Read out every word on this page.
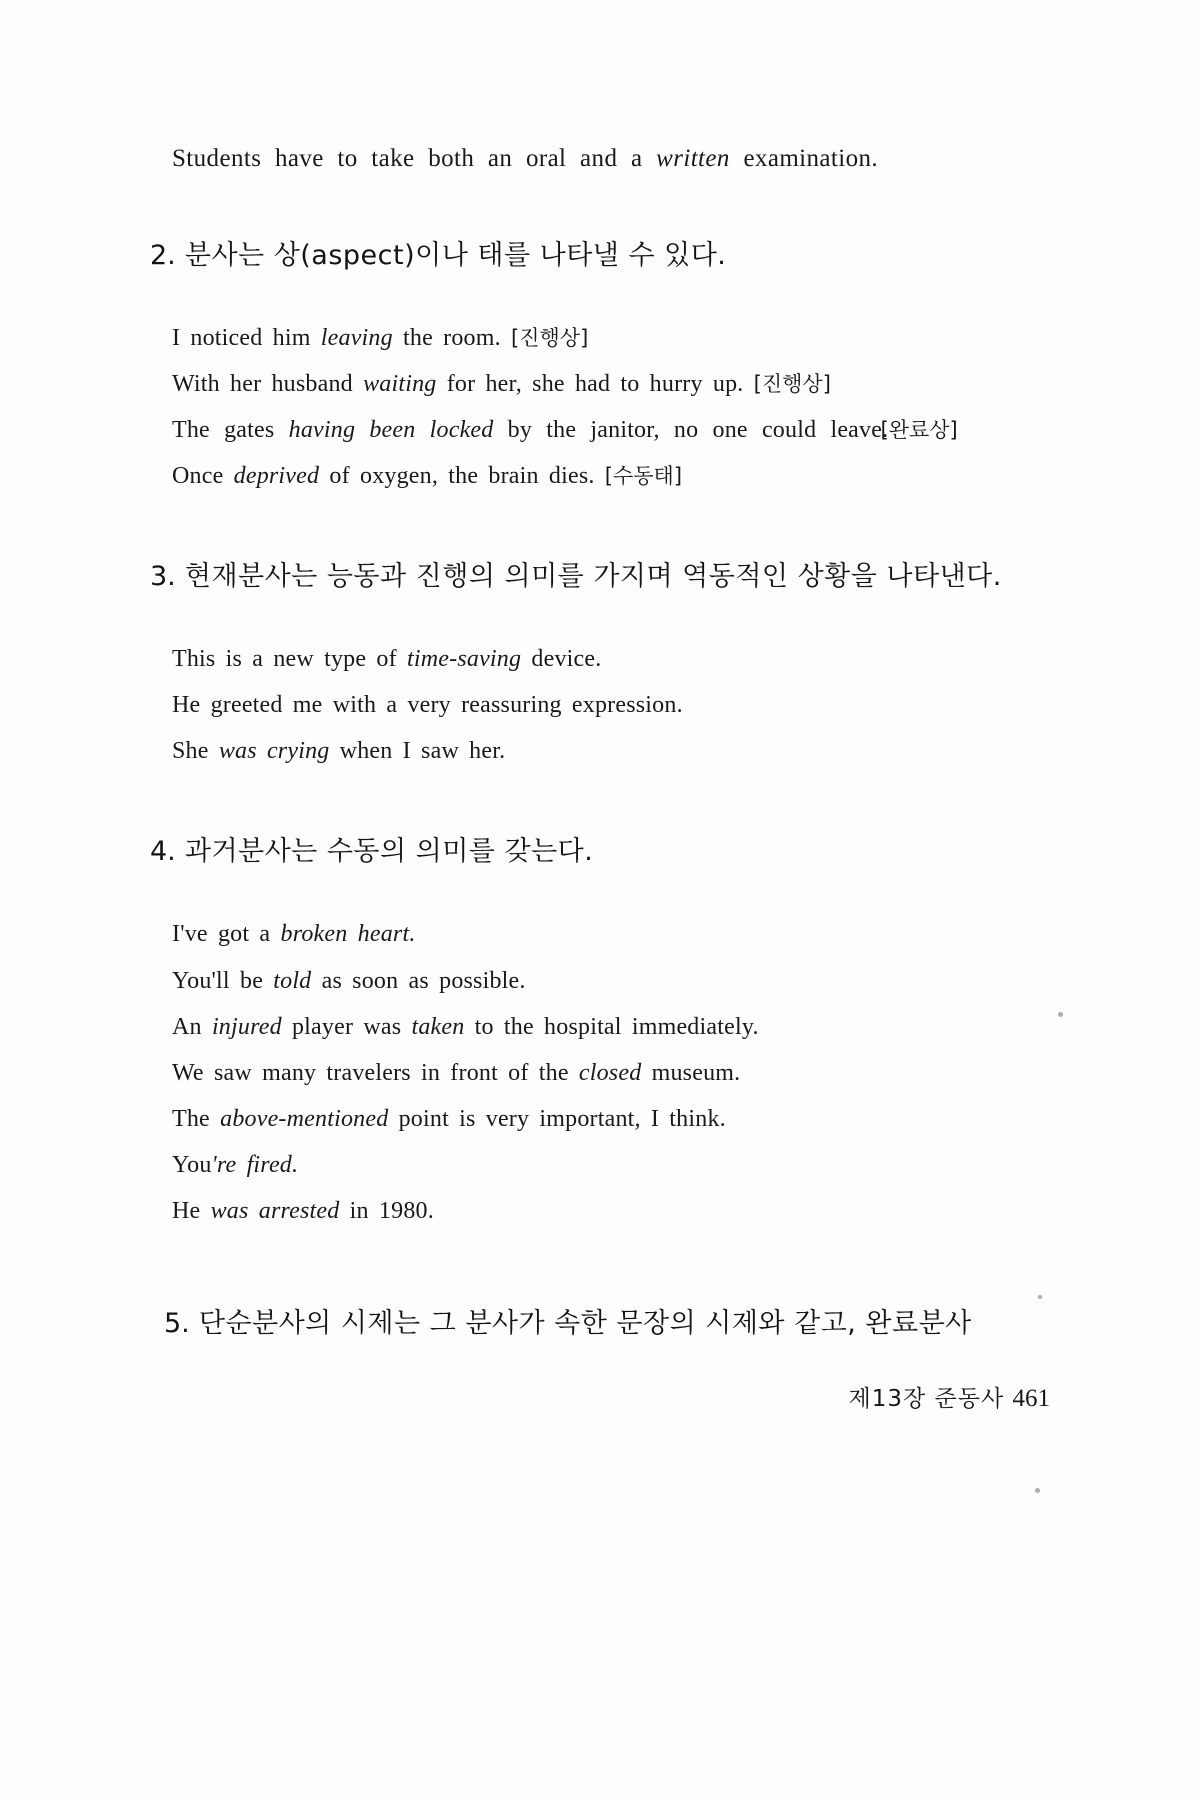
Students have to take both an oral and a written examination.

2. 분사는 상(aspect)이나 태를 나타낼 수 있다.

I noticed him leaving the room. [진행상]
With her husband waiting for her, she had to hurry up. [진행상]
The gates having been locked by the janitor, no one could leave. [완료상]
Once deprived of oxygen, the brain dies. [수동태]

3. 현재분사는 능동과 진행의 의미를 가지며 역동적인 상황을 나타낸다.

This is a new type of time-saving device.
He greeted me with a very reassuring expression.
She was crying when I saw her.

4. 과거분사는 수동의 의미를 갖는다.

I've got a broken heart.
You'll be told as soon as possible.
An injured player was taken to the hospital immediately.
We saw many travelers in front of the closed museum.
The above-mentioned point is very important, I think.
You're fired.
He was arrested in 1980.

5. 단순분사의 시제는 그 분사가 속한 문장의 시제와 같고, 완료분사

제13장 준동사 461
